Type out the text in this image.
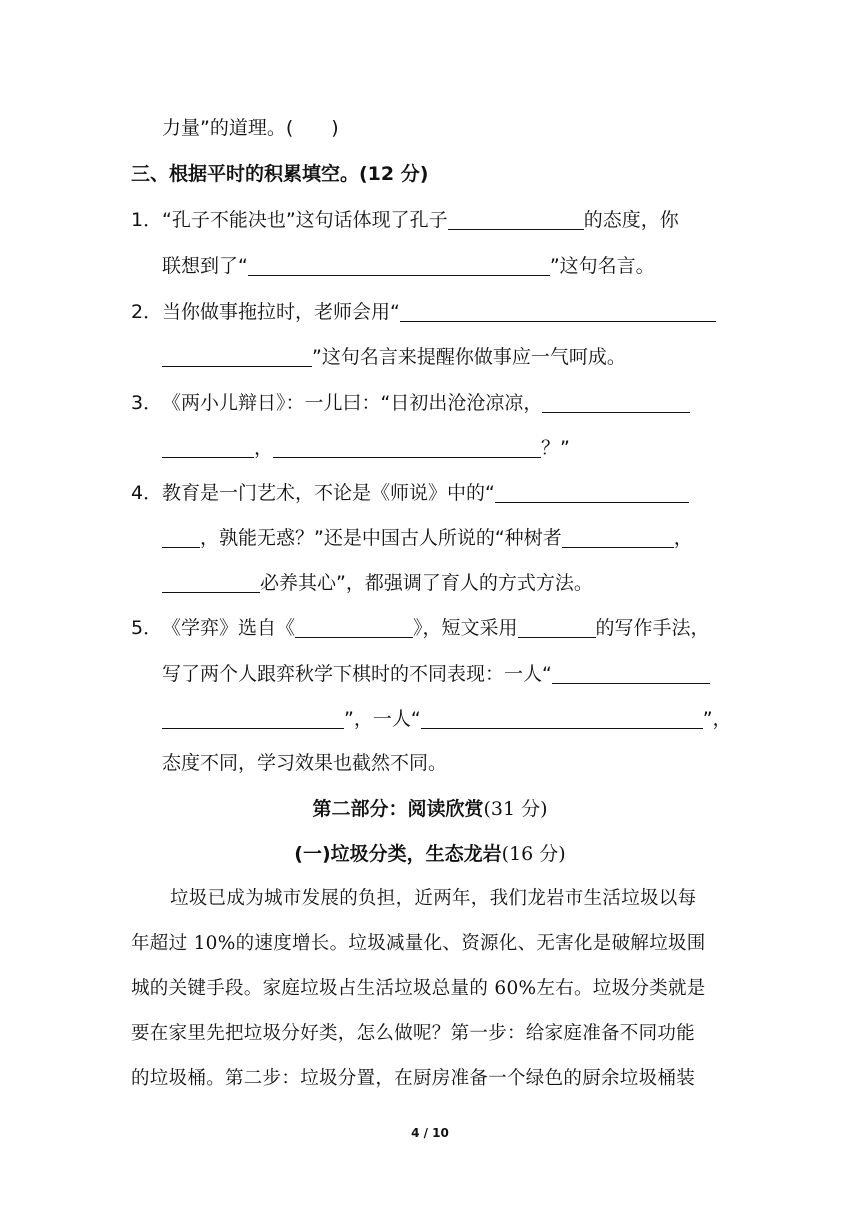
力量”的道理。(　　)
三、根据平时的积累填空。(12 分)
1． “孔子不能决也”这句话体现了孔子	的态度，你
联想到了“	”这句名言。
2． 当你做事拖拉时，老师会用“
”这句名言来提醒你做事应一气呵成。
3． 《两小儿辩日》：一儿曰：“日初出沧沧凉凉，
，	？”
4． 教育是一门艺术，不论是《师说》中的“
，孰能无惑？”还是中国古人所说的“种树者	，
必养其心”，都强调了育人的方式方法。
5． 《学弈》选自《	》，短文采用	的写作手法，
写了两个人跟弈秋学下棋时的不同表现：一人“
”，一人“	”，
态度不同，学习效果也截然不同。
第二部分：阅读欣赏(31 分)
(一)垃圾分类，生态龙岩(16 分)
垃圾已成为城市发展的负担，近两年，我们龙岩市生活垃圾以每
年超过 10%的速度增长。垃圾减量化、资源化、无害化是破解垃圾围
城的关键手段。家庭垃圾占生活垃圾总量的 60%左右。垃圾分类就是
要在家里先把垃圾分好类，怎么做呢？第一步：给家庭准备不同功能
的垃圾桶。第二步：垃圾分置，在厨房准备一个绿色的厨余垃圾桶装
4 / 10
